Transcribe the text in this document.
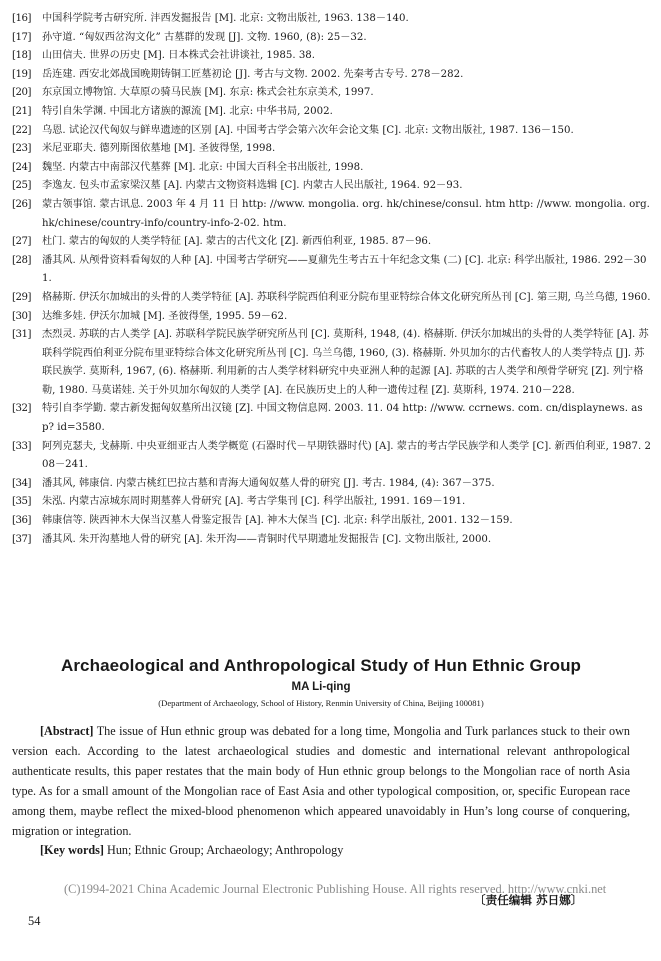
[16]	中国科学院考古研究所. 沣西发掘报告 [M]. 北京: 文物出版社, 1963. 138－140.
[17]	孙守道. “匈奴西岔沟文化” 古墓群的发现 [J]. 文物. 1960, (8): 25－32.
[18]	山田信夫. 世界の历史 [M]. 日本株式会社讲谈社, 1985. 38.
[19]	岳连建. 西安北郊战国晚期铸铜工匠墓初论 [J]. 考古与文物. 2002. 先秦考古专号. 278－282.
[20]	东京国立博物馆. 大草原の骑马民族 [M]. 东京: 株式会社东京美术, 1997.
[21]	特引自朱学渊. 中国北方诸族的源流 [M]. 北京: 中华书局, 2002.
[22]	乌恩. 试论汉代匈奴与鲜卑遗迹的区别 [A]. 中国考古学会第六次年会论文集 [C]. 北京: 文物出版社, 1987. 136－150.
[23]	米尼亚耶夫. 德列斯图依墓地 [M]. 圣彼得堡, 1998.
[24]	魏坚. 内蒙古中南部汉代墓葬 [M]. 北京: 中国大百科全书出版社, 1998.
[25]	李逸友. 包头市孟家梁汉墓 [A]. 内蒙古文物资料选辑 [C]. 内蒙古人民出版社, 1964. 92－93.
[26]	蒙古领事馆. 蒙古讯息. 2003 年 4 月 11 日 http: //www. mongolia. org. hk/chinese/consul. htm http: //www. mongolia. org. hk/chinese/country-info/country-info-2-02. htm.
[27]	杜门. 蒙古的匈奴的人类学特征 [A]. 蒙古的古代文化 [Z]. 新西伯利亚, 1985. 87－96.
[28]	潘其风. 从颅骨资料看匈奴的人种 [A]. 中国考古学研究——夏鼐先生考古五十年纪念文集 (二) [C]. 北京: 科学出版社, 1986. 292－301.
[29]	格赫斯. 伊沃尔加城出的头骨的人类学特征 [A]. 苏联科学院西伯利亚分院布里亚特综合体文化研究所丛刊 [C]. 第三期, 乌兰乌德, 1960.
[30]	达维多娃. 伊沃尔加城 [M]. 圣彼得堡, 1995. 59－62.
[31]	杰烈灵. 苏联的古人类学 [A]. 苏联科学院民族学研究所丛刊 [C]. 莫斯科, 1948, (4). 格赫斯. 伊沃尔加城出的头骨的人类学特征 [A]. 苏联科学院西伯利亚分院布里亚特综合体文化研究所丛刊 [C]. 乌兰乌德, 1960, (3). 格赫斯. 外贝加尔的古代畜牧人的人类学特点 [J]. 苏联民族学. 莫斯科, 1967, (6). 格赫斯. 利用新的古人类学材料研究中央亚洲人种的起源 [A]. 苏联的古人类学和颅骨学研究 [Z]. 列宁格勒, 1980. 马莫诺娃. 关于外贝加尔匈奴的人类学 [A]. 在民族历史上的人种一遗传过程 [Z]. 莫斯科, 1974. 210－228.
[32]	特引自李学勤. 蒙古新发掘匈奴墓所出汉镜 [Z]. 中国文物信息网. 2003. 11. 04 http: //www. ccrnews. com. cn/displaynews. asp? id=3580.
[33]	阿列克瑟夫, 戈赫斯. 中央亚细亚古人类学概览 (石器时代－早期铁器时代) [A]. 蒙古的考古学民族学和人类学 [C]. 新西伯利亚, 1987. 208－241.
[34]	潘其风, 韩康信. 内蒙古桃红巴拉古墓和青海大通匈奴墓人骨的研究 [J]. 考古. 1984, (4): 367－375.
[35]	朱泓. 内蒙古凉城东周时期墓葬人骨研究 [A]. 考古学集刊 [C]. 科学出版社, 1991. 169－191.
[36]	韩康信等. 陕西神木大保当汉墓人骨鉴定报告 [A]. 神木大保当 [C]. 北京: 科学出版社, 2001. 132－159.
[37]	潘其风. 朱开沟墓地人骨的研究 [A]. 朱开沟——青铜时代早期遗址发掘报告 [C]. 文物出版社, 2000.
Archaeological and Anthropological Study of Hun Ethnic Group
MA Li-qing
(Department of Archaeology, School of History, Renmin University of China, Beijing 100081)
[Abstract] The issue of Hun ethnic group was debated for a long time, Mongolia and Turk parlances stuck to their own version each. According to the latest archaeological studies and domestic and international relevant anthropological authenticate results, this paper restates that the main body of Hun ethnic group belongs to the Mongolian race of north Asia type. As for a small amount of the Mongolian race of East Asia and other typological composition, or, specific European race among them, maybe reflect the mixed-blood phenomenon which appeared unavoidably in Hun’s long course of conquering, migration or integration.
[Key words] Hun; Ethnic Group; Archaeology; Anthropology
(C)1994-2021 China Academic Journal Electronic Publishing House. All rights reserved. http://www.cnki.net
〔责任编辑 苏日娜〕
54
